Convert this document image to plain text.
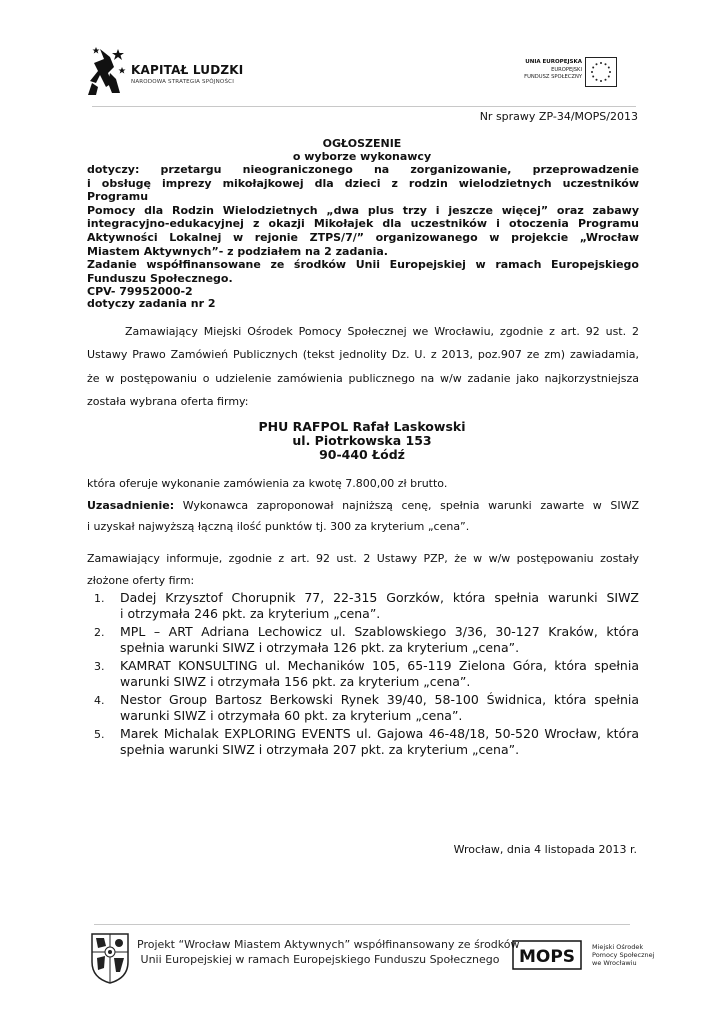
KAPITAŁ LUDZKI
NARODOWA STRATEGIA SPÓJNOŚCI
UNIA EUROPEJSKA
EUROPEJSKI
FUNDUSZ SPOŁECZNY
Nr sprawy ZP-34/MOPS/2013
OGŁOSZENIE
o wyborze wykonawcy
dotyczy: przetargu nieograniczonego na zorganizowanie, przeprowadzenie
i obsługę imprezy mikołajkowej dla dzieci z rodzin wielodzietnych uczestników Programu
Pomocy dla Rodzin Wielodzietnych „dwa plus trzy i jeszcze więcej” oraz zabawy
integracyjno-edukacyjnej z okazji Mikołajek dla uczestników i otoczenia Programu
Aktywności Lokalnej w rejonie ZTPS/7/” organizowanego w projekcie „Wrocław
Miastem Aktywnych”- z podziałem na 2 zadania.
Zadanie współfinansowane ze środków Unii Europejskiej w ramach Europejskiego
Funduszu Społecznego.
CPV- 79952000-2
dotyczy zadania nr 2
Zamawiający Miejski Ośrodek Pomocy Społecznej we Wrocławiu, zgodnie z art. 92 ust. 2
Ustawy Prawo Zamówień Publicznych (tekst jednolity Dz. U. z 2013, poz.907 ze zm) zawiadamia,
że w postępowaniu o udzielenie zamówienia publicznego na w/w zadanie jako najkorzystniejsza
została wybrana oferta firmy:
PHU RAFPOL Rafał Laskowski
ul. Piotrkowska 153
90-440 Łódź
która oferuje wykonanie zamówienia za kwotę 7.800,00 zł brutto.
Uzasadnienie: Wykonawca zaproponował najniższą cenę, spełnia warunki zawarte w SIWZ
i uzyskał najwyższą łączną ilość punktów tj. 300 za kryterium „cena”.
Zamawiający informuje, zgodnie z art. 92 ust. 2 Ustawy PZP, że w w/w postępowaniu zostały
złożone oferty firm:
1. Dadej Krzysztof Chorupnik 77, 22-315 Gorzków, która spełnia warunki SIWZ
i otrzymała 246 pkt. za kryterium „cena”.
2. MPL – ART Adriana Lechowicz ul. Szablowskiego 3/36, 30-127 Kraków, która
spełnia warunki SIWZ i otrzymała 126 pkt. za kryterium „cena”.
3. KAMRAT KONSULTING ul. Mechaników 105, 65-119 Zielona Góra, która spełnia
warunki SIWZ i otrzymała 156 pkt. za kryterium „cena”.
4. Nestor Group Bartosz Berkowski Rynek 39/40, 58-100 Świdnica, która spełnia
warunki SIWZ i otrzymała 60 pkt. za kryterium „cena”.
5. Marek Michalak EXPLORING EVENTS ul. Gajowa 46-48/18, 50-520 Wrocław, która
spełnia warunki SIWZ i otrzymała 207 pkt. za kryterium „cena”.
Wrocław, dnia 4 listopada 2013 r.
Projekt “Wrocław Miastem Aktywnych” współfinansowany ze środków
Unii Europejskiej w ramach Europejskiego Funduszu Społecznego MOPS	Miejski Ośrodek
Pomocy Społecznej
we Wrocławiu
